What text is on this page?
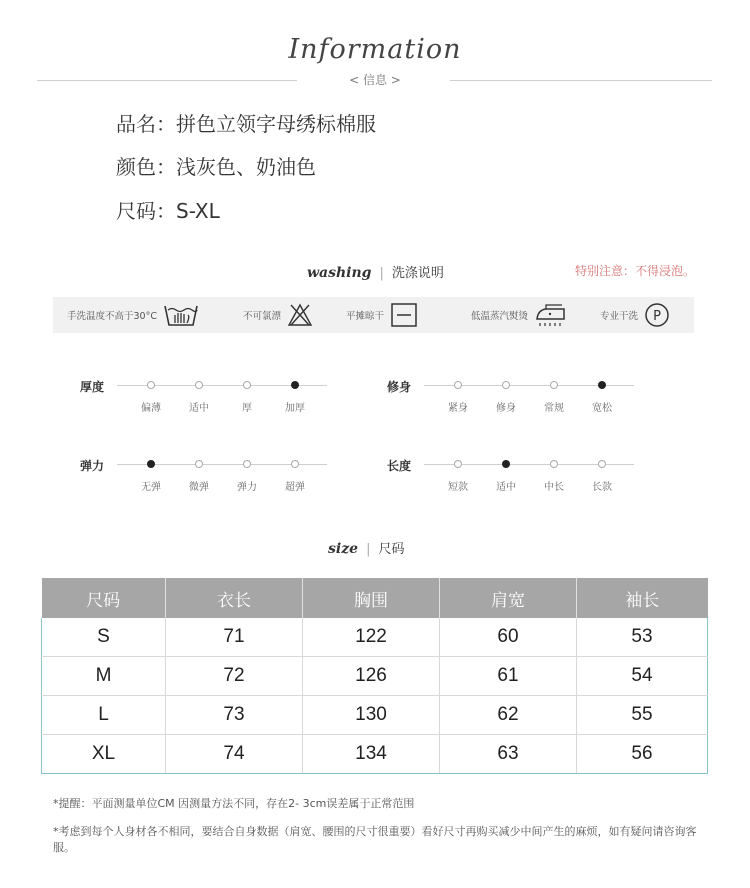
Information
< 信息 >
品名：拼色立领字母绣标棉服
颜色：浅灰色、奶油色
尺码：S-XL
washing | 洗涤说明	特别注意：不得浸泡。
手洗温度不高于30°C	不可氯漂	平摊晾干	低温蒸汽熨烫	专业干洗 P
厚度
偏薄	适中	厚	加厚
修身
紧身	修身	常规	宽松
弹力
无弹	微弹	弹力	超弹
长度
短款	适中	中长	长款
size | 尺码
尺码	衣长	胸围	肩宽	袖长
S	71	122	60	53
M	72	126	61	54
L	73	130	62	55
XL	74	134	63	56
*提醒：平面测量单位CM 因测量方法不同，存在2- 3cm误差属于正常范围
*考虑到每个人身材各不相同，要结合自身数据（肩宽、腰围的尺寸很重要）看好尺寸再购买减少中间产生的麻烦，如有疑问请咨询客服。
